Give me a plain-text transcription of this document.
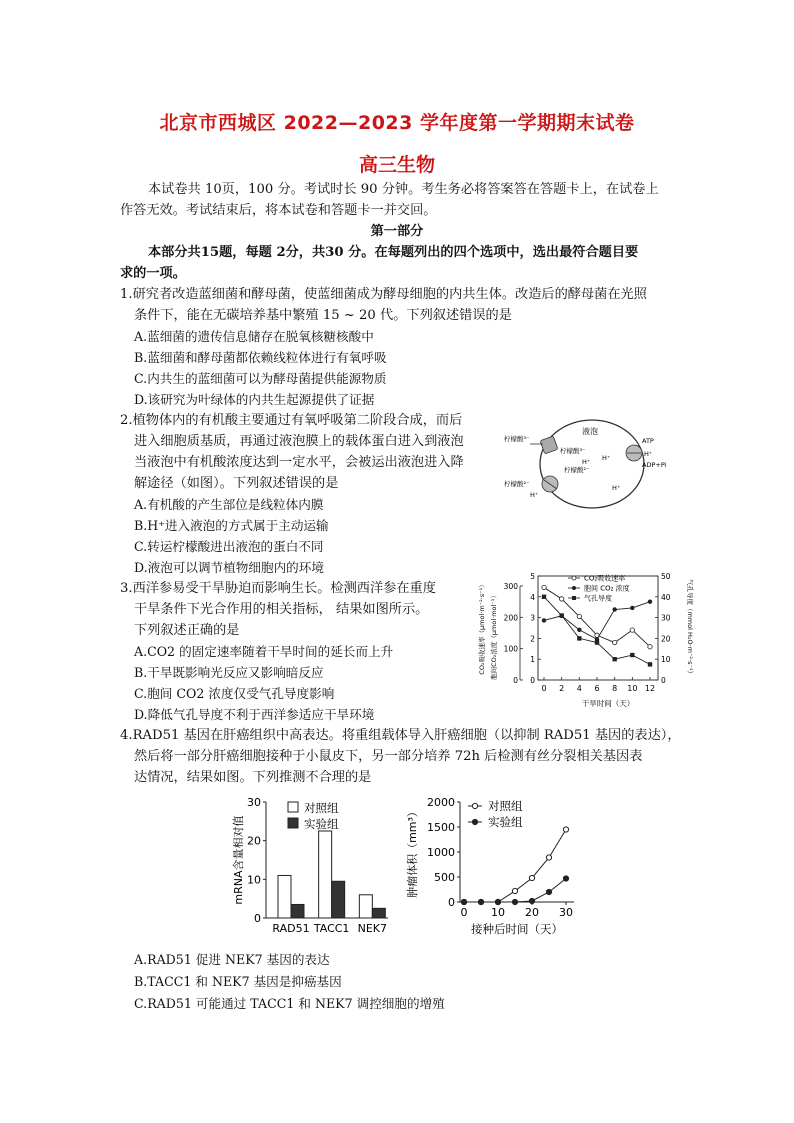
北京市西城区 2022—2023 学年度第一学期期末试卷
高三生物
本试卷共 10页，100 分。考试时长 90 分钟。考生务必将答案答在答题卡上，在试卷上
作答无效。考试结束后，将本试卷和答题卡一并交回。
第一部分
本部分共15题，每题 2分，共30 分。在每题列出的四个选项中，选出最符合题目要
求的一项。
1.研究者改造蓝细菌和酵母菌，使蓝细菌成为酵母细胞的内共生体。改造后的酵母菌在光照
条件下，能在无碳培养基中繁殖 15 ~ 20 代。下列叙述错误的是
A.蓝细菌的遗传信息储存在脱氧核糖核酸中
B.蓝细菌和酵母菌都依赖线粒体进行有氧呼吸
C.内共生的蓝细菌可以为酵母菌提供能源物质
D.该研究为叶绿体的内共生起源提供了证据
2.植物体内的有机酸主要通过有氧呼吸第二阶段合成，而后
进入细胞质基质，再通过液泡膜上的载体蛋白进入到液泡
当液泡中有机酸浓度达到一定水平，会被运出液泡进入降
解途径（如图）。下列叙述错误的是
A.有机酸的产生部位是线粒体内膜
B.H⁺进入液泡的方式属于主动运输
C.转运柠檬酸进出液泡的蛋白不同
D.液泡可以调节植物细胞内的环境
液泡
柠檬酸³⁻
柠檬酸³⁻
柠檬酸²⁻
H⁺
柠檬酸²⁻
H⁺
H⁺
ATP
H⁺
ADP+Pi
H⁺
3.西洋参易受干旱胁迫而影响生长。检测西洋参在重度
干旱条件下光合作用的相关指标， 结果如图所示。
下列叙述正确的是
A.CO2 的固定速率随着干旱时间的延长而上升
B.干旱既影响光反应又影响暗反应
C.胞间 CO2 浓度仅受气孔导度影响
D.降低气孔导度不利于西洋参适应干旱环境
0 2 4 6 8 10 12
干旱时间（天）
0
1
2
3
4
5
0
100
200
300
0
10
20
30
40
50
CO₂吸收速率（μmol·m⁻²·s⁻¹） 胞间CO₂浓度（μmol·mol⁻¹）	气孔导度（mmol H₂O·m⁻²·s⁻¹）
CO₂吸收速率
胞间 CO₂ 浓度
气孔导度
4.RAD51 基因在肝癌组织中高表达。将重组载体导入肝癌细胞（以抑制 RAD51 基因的表达），
然后将一部分肝癌细胞接种于小鼠皮下，另一部分培养 72h 后检测有丝分裂相关基因表
达情况，结果如图。下列推测不合理的是
0
10
20
30
mRNA含量相对值
RAD51 TACC1 NEK7
对照组
实验组
0
500
1000
1500
2000
0 10 20 30
接种后时间（天）
肿瘤体积（mm³）
对照组
实验组
A.RAD51 促进 NEK7 基因的表达
B.TACC1 和 NEK7 基因是抑癌基因
C.RAD51 可能通过 TACC1 和 NEK7 调控细胞的增殖
